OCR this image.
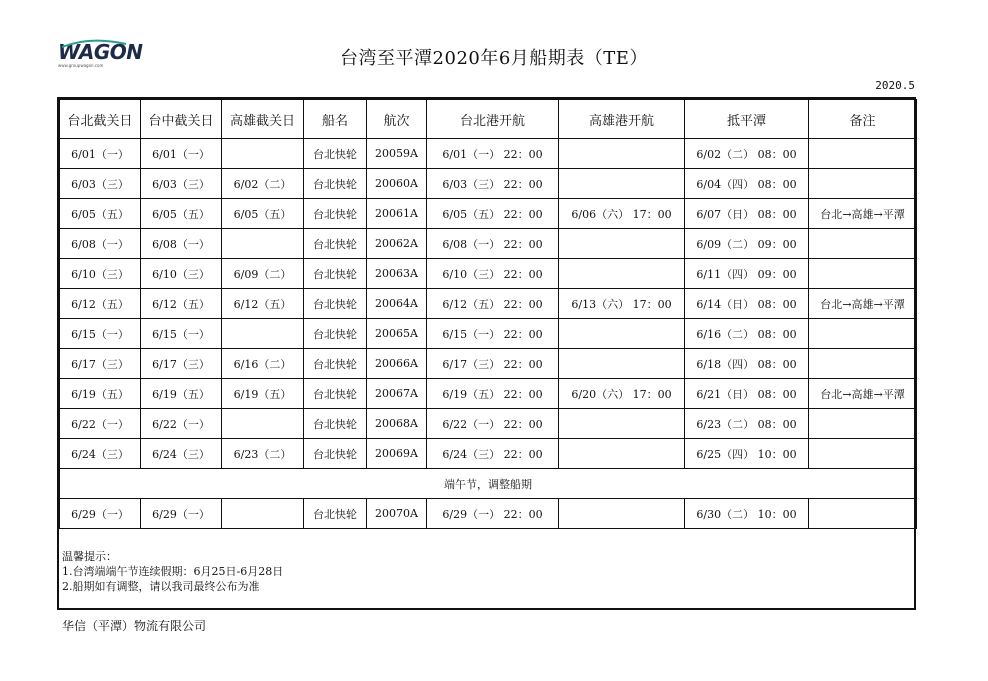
WAGON
www.groupwagon.com	台湾至平潭2020年6月船期表（TE）
2020.5
台北截关日	台中截关日	高雄截关日	船名	航次	台北港开航	高雄港开航	抵平潭	备注
6/01（一）	6/01（一）		台北快轮	20059A	6/01（一） 22：00		6/02（二） 08：00	
6/03（三）	6/03（三）	6/02（二）	台北快轮	20060A	6/03（三） 22：00		6/04（四） 08：00	
6/05（五）	6/05（五）	6/05（五）	台北快轮	20061A	6/05（五） 22：00	6/06（六） 17：00	6/07（日） 08：00	台北→高雄→平潭
6/08（一）	6/08（一）		台北快轮	20062A	6/08（一） 22：00		6/09（二） 09：00	
6/10（三）	6/10（三）	6/09（二）	台北快轮	20063A	6/10（三） 22：00		6/11（四） 09：00	
6/12（五）	6/12（五）	6/12（五）	台北快轮	20064A	6/12（五） 22：00	6/13（六） 17：00	6/14（日） 08：00	台北→高雄→平潭
6/15（一）	6/15（一）		台北快轮	20065A	6/15（一） 22：00		6/16（二） 08：00	
6/17（三）	6/17（三）	6/16（二）	台北快轮	20066A	6/17（三） 22：00		6/18（四） 08：00	
6/19（五）	6/19（五）	6/19（五）	台北快轮	20067A	6/19（五） 22：00	6/20（六） 17：00	6/21（日） 08：00	台北→高雄→平潭
6/22（一）	6/22（一）		台北快轮	20068A	6/22（一） 22：00		6/23（二） 08：00	
6/24（三）	6/24（三）	6/23（二）	台北快轮	20069A	6/24（三） 22：00		6/25（四） 10：00	
端午节，调整船期								
6/29（一）	6/29（一）		台北快轮	20070A	6/29（一） 22：00		6/30（二） 10：00	
温馨提示：
1.台湾端端午节连续假期：6月25日-6月28日
2.船期如有调整，请以我司最终公布为准
华信（平潭）物流有限公司
